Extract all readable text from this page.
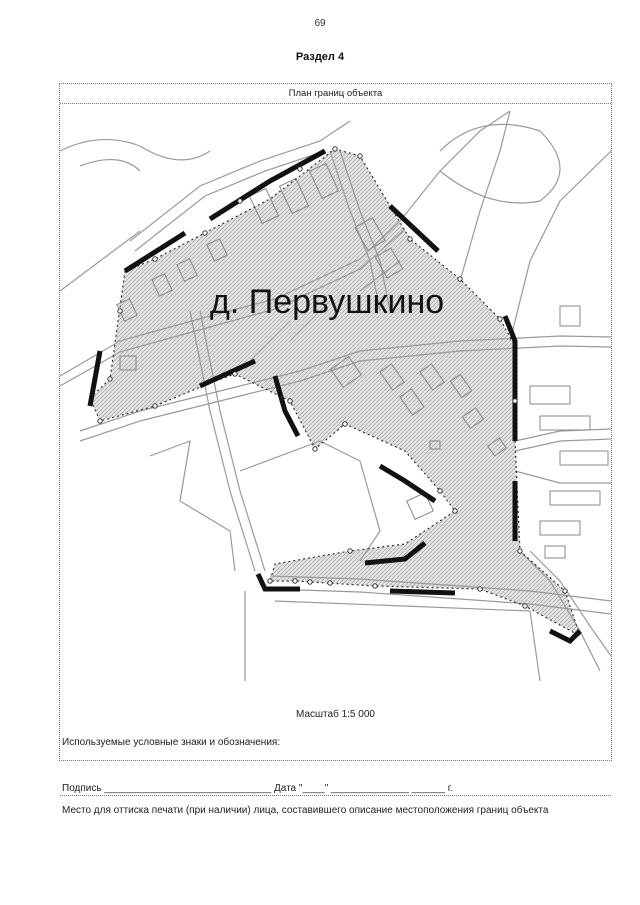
69
Раздел 4
План границ объекта
д. Первушкино
Масштаб 1:5 000
Используемые условные знаки и обозначения:
Подпись ______________________________ Дата "____" ______________ ______ г.
Место для оттиска печати (при наличии) лица, составившего описание местоположения границ объекта
